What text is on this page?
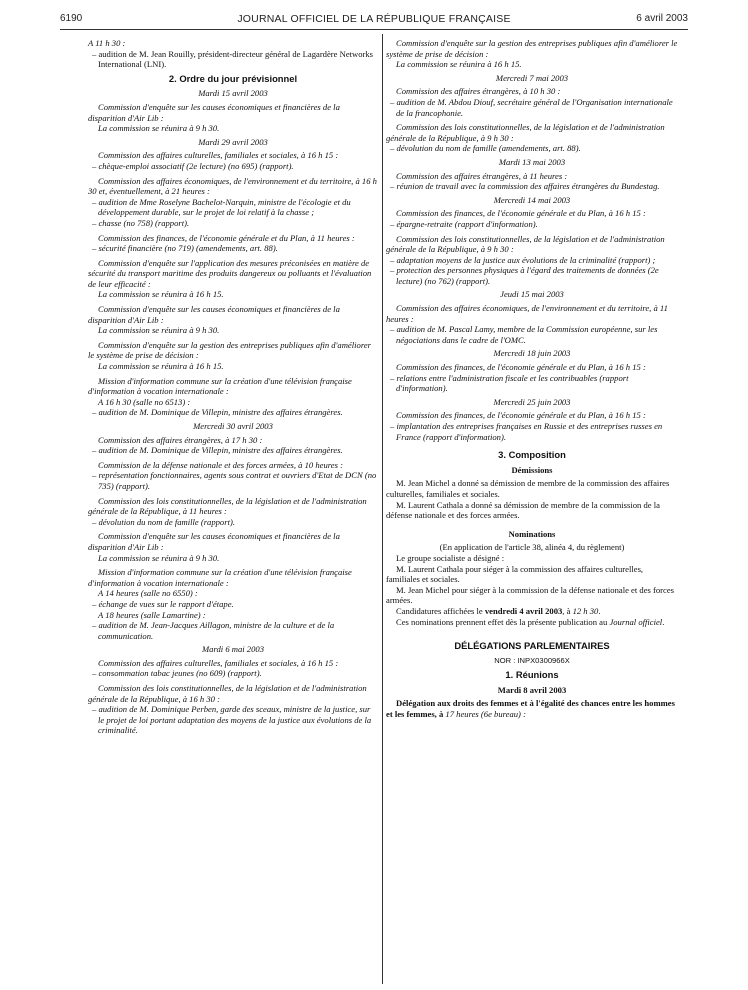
6190	JOURNAL OFFICIEL DE LA RÉPUBLIQUE FRANÇAISE	6 avril 2003

A 11 h 30 :

– audition de M. Jean Rouilly, président-directeur général de Lagardère Networks International (LNI).

2. Ordre du jour prévisionnel
Mardi 15 avril 2003

Commission d'enquête sur les causes économiques et financières de la disparition d'Air Lib :

La commission se réunira à 9 h 30.

Mardi 29 avril 2003

Commission des affaires culturelles, familiales et sociales, à 16 h 15 :

– chèque-emploi associatif (2e lecture) (no 695) (rapport).

Commission des affaires économiques, de l'environnement et du territoire, à 16 h 30 et, éventuellement, à 21 heures :

– audition de Mme Roselyne Bachelot-Narquin, ministre de l'écologie et du développement durable, sur le projet de loi relatif à la chasse ;

– chasse (no 758) (rapport).

Commission des finances, de l'économie générale et du Plan, à 11 heures :

– sécurité financière (no 719) (amendements, art. 88).

Commission d'enquête sur l'application des mesures préconisées en matière de sécurité du transport maritime des produits dangereux ou polluants et l'évaluation de leur efficacité :

La commission se réunira à 16 h 15.

Commission d'enquête sur les causes économiques et financières de la disparition d'Air Lib :

La commission se réunira à 9 h 30.

Commission d'enquête sur la gestion des entreprises publiques afin d'améliorer le système de prise de décision :

La commission se réunira à 16 h 15.

Mission d'information commune sur la création d'une télévision française d'information à vocation internationale :

A 16 h 30 (salle no 6513) :

– audition de M. Dominique de Villepin, ministre des affaires étrangères.

Mercredi 30 avril 2003

Commission des affaires étrangères, à 17 h 30 :

– audition de M. Dominique de Villepin, ministre des affaires étrangères.

Commission de la défense nationale et des forces armées, à 10 heures :

– représentation fonctionnaires, agents sous contrat et ouvriers d'Etat de DCN (no 735) (rapport).

Commission des lois constitutionnelles, de la législation et de l'administration générale de la République, à 11 heures :

– dévolution du nom de famille (rapport).

Commission d'enquête sur les causes économiques et financières de la disparition d'Air Lib :

La commission se réunira à 9 h 30.

Mission d'information commune sur la création d'une télévision française d'information à vocation internationale :

A 14 heures (salle no 6550) :

– échange de vues sur le rapport d'étape.

A 18 heures (salle Lamartine) :

– audition de M. Jean-Jacques Aillagon, ministre de la culture et de la communication.

Mardi 6 mai 2003

Commission des affaires culturelles, familiales et sociales, à 16 h 15 :

– consommation tabac jeunes (no 609) (rapport).

Commission des lois constitutionnelles, de la législation et de l'administration générale de la République, à 16 h 30 :

– audition de M. Dominique Perben, garde des sceaux, ministre de la justice, sur le projet de loi portant adaptation des moyens de la justice aux évolutions de la criminalité.

Commission d'enquête sur la gestion des entreprises publiques afin d'améliorer le système de prise de décision :

La commission se réunira à 16 h 15.

Mercredi 7 mai 2003

Commission des affaires étrangères, à 10 h 30 :

– audition de M. Abdou Diouf, secrétaire général de l'Organisation internationale de la francophonie.

Commission des lois constitutionnelles, de la législation et de l'administration générale de la République, à 9 h 30 :

– dévolution du nom de famille (amendements, art. 88).

Mardi 13 mai 2003

Commission des affaires étrangères, à 11 heures :

– réunion de travail avec la commission des affaires étrangères du Bundestag.

Mercredi 14 mai 2003

Commission des finances, de l'économie générale et du Plan, à 16 h 15 :

– épargne-retraite (rapport d'information).

Commission des lois constitutionnelles, de la législation et de l'administration générale de la République, à 9 h 30 :

– adaptation moyens de la justice aux évolutions de la criminalité (rapport) ;

– protection des personnes physiques à l'égard des traitements de données (2e lecture) (no 762) (rapport).

Jeudi 15 mai 2003

Commission des affaires économiques, de l'environnement et du territoire, à 11 heures :

– audition de M. Pascal Lamy, membre de la Commission européenne, sur les négociations dans le cadre de l'OMC.

Mercredi 18 juin 2003

Commission des finances, de l'économie générale et du Plan, à 16 h 15 :

– relations entre l'administration fiscale et les contribuables (rapport d'information).

Mercredi 25 juin 2003

Commission des finances, de l'économie générale et du Plan, à 16 h 15 :

– implantation des entreprises françaises en Russie et des entreprises russes en France (rapport d'information).

3. Composition
Démissions

M. Jean Michel a donné sa démission de membre de la commission des affaires culturelles, familiales et sociales.

M. Laurent Cathala a donné sa démission de membre de la commission de la défense nationale et des forces armées.

Nominations

(En application de l'article 38, alinéa 4, du règlement)

Le groupe socialiste a désigné :

M. Laurent Cathala pour siéger à la commission des affaires culturelles, familiales et sociales.

M. Jean Michel pour siéger à la commission de la défense nationale et des forces armées.

Candidatures affichées le vendredi 4 avril 2003, à 12 h 30.

Ces nominations prennent effet dès la présente publication au Journal officiel.

DÉLÉGATIONS PARLEMENTAIRES
NOR : INPX0300966X
1. Réunions
Mardi 8 avril 2003

Délégation aux droits des femmes et à l'égalité des chances entre les hommes et les femmes, à 17 heures (6e bureau) :
